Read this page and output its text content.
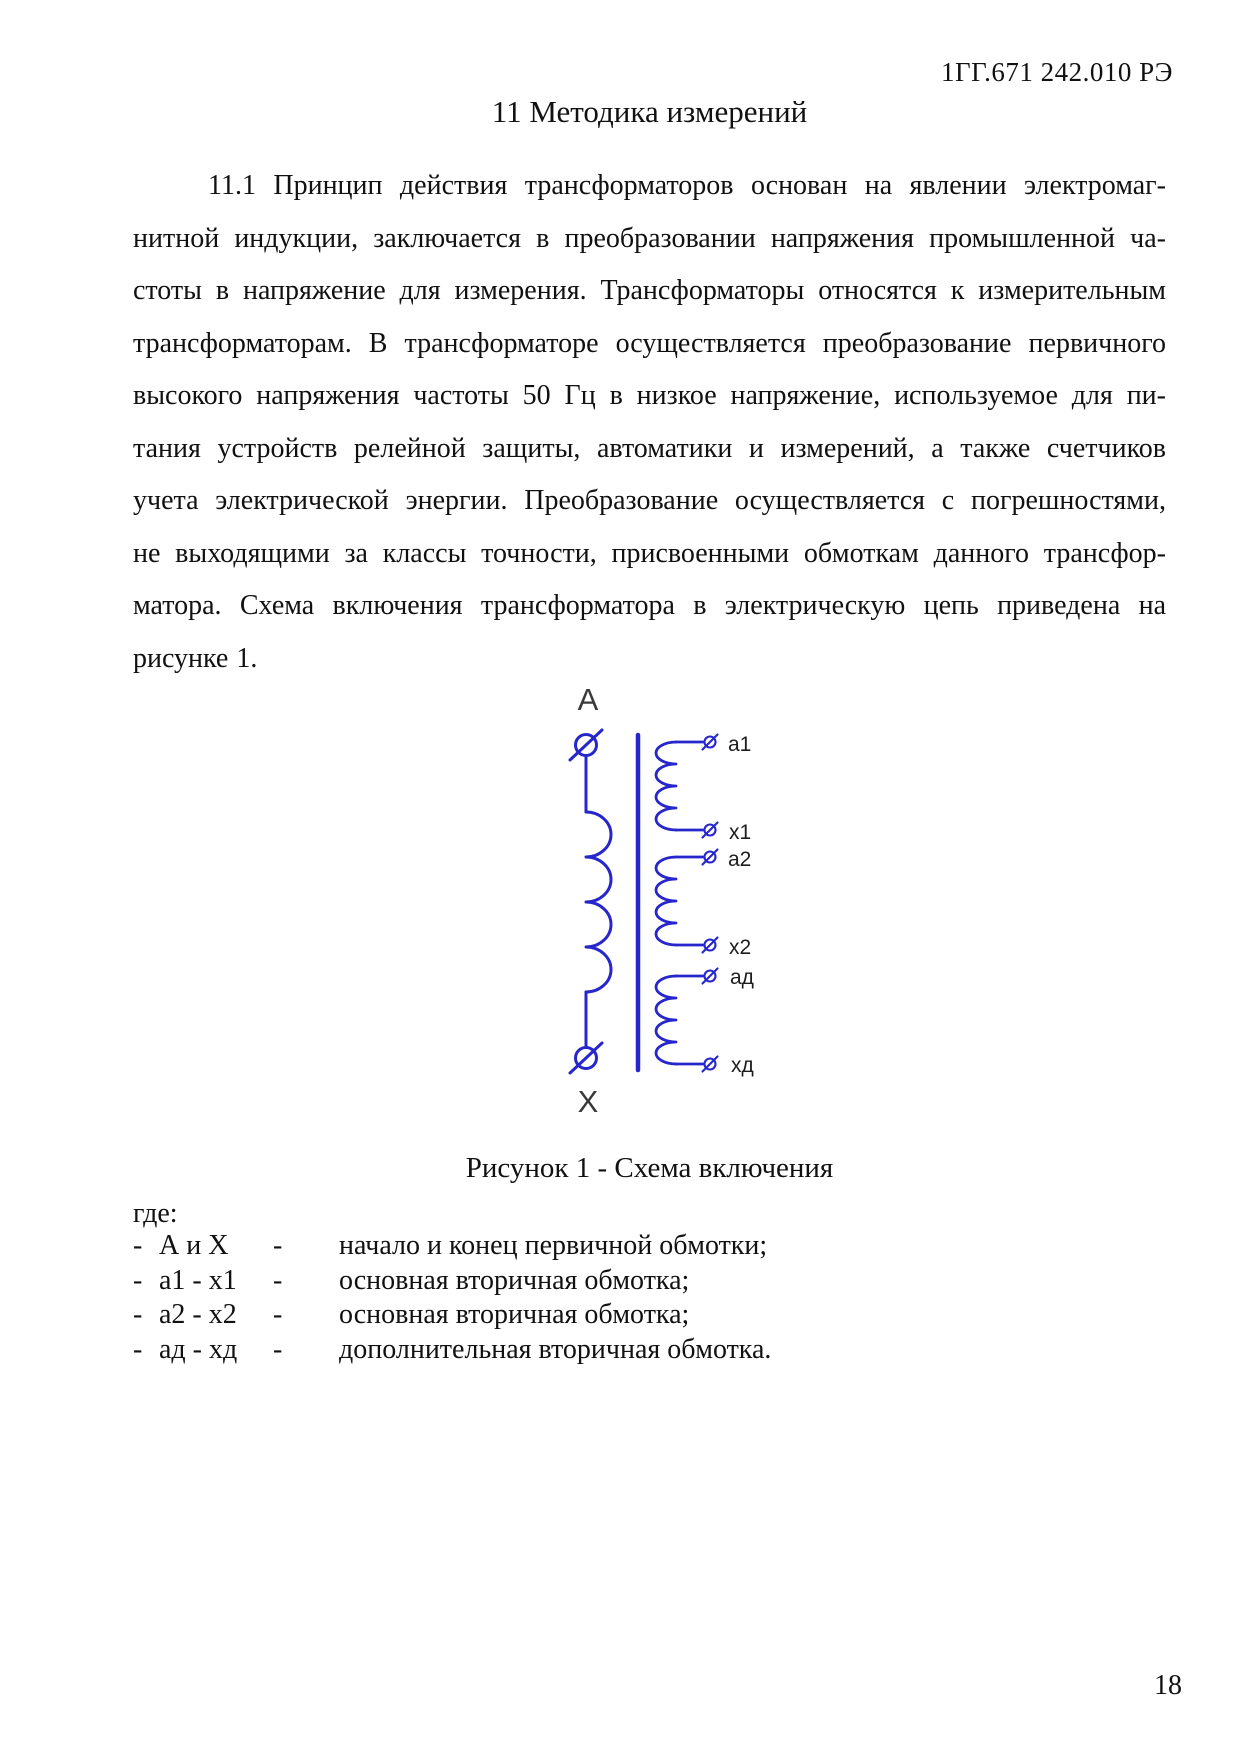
1ГГ.671 242.010 РЭ
11 Методика измерений
11.1 Принцип действия трансформаторов основан на явлении электромаг-
нитной индукции, заключается в преобразовании напряжения промышленной ча-
стоты в напряжение для измерения. Трансформаторы относятся к измерительным
трансформаторам. В трансформаторе осуществляется преобразование первичного
высокого напряжения частоты 50 Гц в низкое напряжение, используемое для пи-
тания устройств релейной защиты, автоматики и измерений, а также счетчиков
учета электрической энергии. Преобразование осуществляется с погрешностями,
не выходящими за классы точности, присвоенными обмоткам данного трансфор-
матора. Схема включения трансформатора в электрическую цепь приведена на
рисунке 1.
А
Х
a1
x1
a2
x2
ад
хд
Рисунок 1 - Схема включения
где:
- А и Х	-	начало и конец первичной обмотки;
- а1 - х1	-	основная вторичная обмотка;
- а2 - х2	-	основная вторичная обмотка;
- ад - хд	-	дополнительная вторичная обмотка.
18
